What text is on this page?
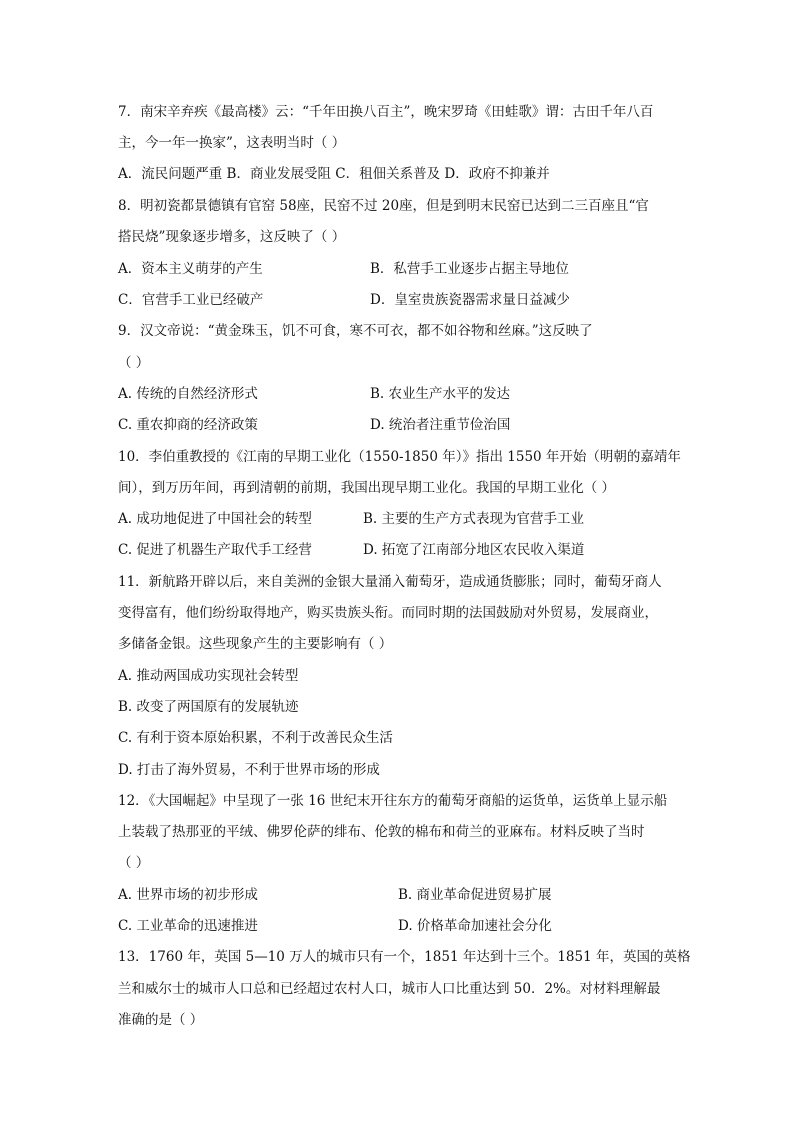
7．南宋辛弃疾《最高楼》云：“千年田换八百主”，晚宋罗琦《田蛙歌》谓：古田千年八百
主，今一年一换家”，这表明当时（ ）
A．流民问题严重 B．商业发展受阻 C．租佃关系普及 D．政府不抑兼并
8．明初瓷都景德镇有官窑 58座，民窑不过 20座，但是到明末民窑已达到二三百座且“官
搭民烧”现象逐步增多，这反映了（ ）
A．资本主义萌芽的产生	B．私营手工业逐步占据主导地位
C．官营手工业已经破产	D．皇室贵族瓷器需求量日益减少
9．汉文帝说：“黄金珠玉，饥不可食，寒不可衣，都不如谷物和丝麻。”这反映了
（ ）
A. 传统的自然经济形式	B. 农业生产水平的发达
C. 重农抑商的经济政策	D. 统治者注重节俭治国
10．李伯重教授的《江南的早期工业化（1550-1850 年）》指出 1550 年开始（明朝的嘉靖年
间），到万历年间，再到清朝的前期，我国出现早期工业化。我国的早期工业化（ ）
A. 成功地促进了中国社会的转型	B. 主要的生产方式表现为官营手工业
C. 促进了机器生产取代手工经营	D. 拓宽了江南部分地区农民收入渠道
11．新航路开辟以后，来自美洲的金银大量涌入葡萄牙，造成通货膨胀；同时，葡萄牙商人
变得富有，他们纷纷取得地产，购买贵族头衔。而同时期的法国鼓励对外贸易，发展商业，
多储备金银。这些现象产生的主要影响有（ ）
A. 推动两国成功实现社会转型
B. 改变了两国原有的发展轨迹
C. 有利于资本原始积累，不利于改善民众生活
D. 打击了海外贸易，不利于世界市场的形成
12．《大国崛起》中呈现了一张 16 世纪末开往东方的葡萄牙商船的运货单，运货单上显示船
上装载了热那亚的平绒、佛罗伦萨的绯布、伦敦的棉布和荷兰的亚麻布。材料反映了当时
（ ）
A. 世界市场的初步形成	B. 商业革命促进贸易扩展
C. 工业革命的迅速推进	D. 价格革命加速社会分化
13．1760 年，英国 5—10 万人的城市只有一个，1851 年达到十三个。1851 年，英国的英格
兰和威尔士的城市人口总和已经超过农村人口，城市人口比重达到 50．2%。对材料理解最
准确的是（ ）
